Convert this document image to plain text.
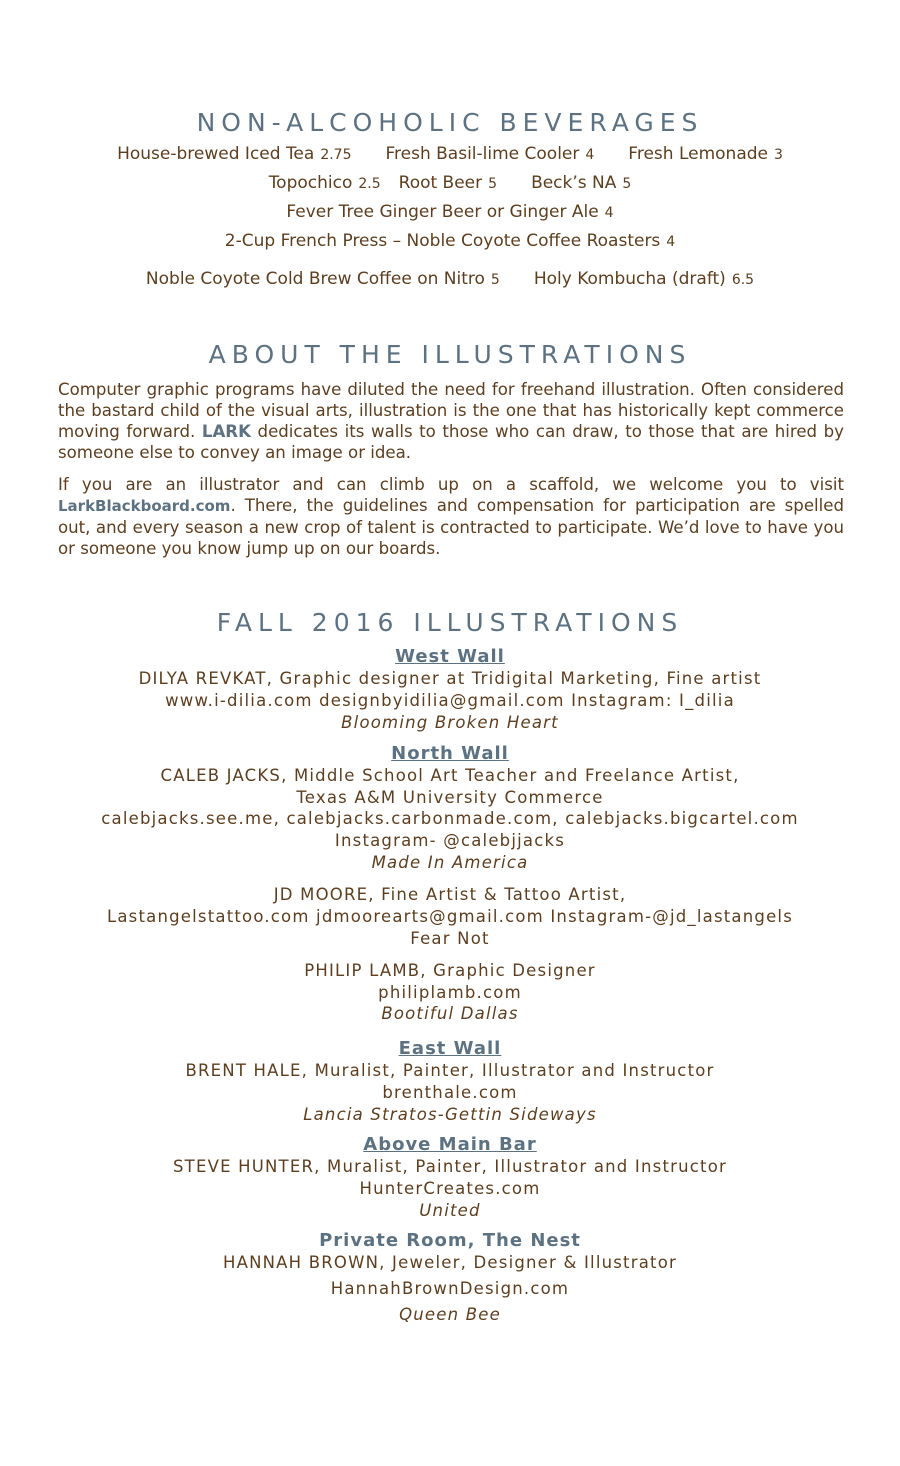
NON-ALCOHOLIC BEVERAGES
House-brewed Iced Tea 2.75 Fresh Basil-lime Cooler 4 Fresh Lemonade 3
Topochico 2.5 Root Beer 5 Beck’s NA 5
Fever Tree Ginger Beer or Ginger Ale 4
2-Cup French Press – Noble Coyote Coffee Roasters 4
Noble Coyote Cold Brew Coffee on Nitro 5 Holy Kombucha (draft) 6.5
ABOUT THE ILLUSTRATIONS

Computer graphic programs have diluted the need for freehand illustration. Often considered the bastard child of the visual arts, illustration is the one that has historically kept commerce moving forward. LARK dedicates its walls to those who can draw, to those that are hired by someone else to convey an image or idea.

If you are an illustrator and can climb up on a scaffold, we welcome you to visit LarkBlackboard.com. There, the guidelines and compensation for participation are spelled out, and every season a new crop of talent is contracted to participate. We’d love to have you or someone you know jump up on our boards.

FALL 2016 ILLUSTRATIONS
West Wall
DILYA REVKAT, Graphic designer at Tridigital Marketing, Fine artist
www.i-dilia.com designbyidilia@gmail.com Instagram: I_dilia
Blooming Broken Heart
North Wall
CALEB JACKS, Middle School Art Teacher and Freelance Artist,
Texas A&M University Commerce
calebjacks.see.me, calebjacks.carbonmade.com, calebjacks.bigcartel.com
Instagram- @calebjjacks
Made In America
JD MOORE, Fine Artist & Tattoo Artist,
Lastangelstattoo.com jdmoorearts@gmail.com Instagram-@jd_lastangels
Fear Not
PHILIP LAMB, Graphic Designer
philiplamb.com
Bootiful Dallas
East Wall
BRENT HALE, Muralist, Painter, Illustrator and Instructor
brenthale.com
Lancia Stratos-Gettin Sideways
Above Main Bar
STEVE HUNTER, Muralist, Painter, Illustrator and Instructor
HunterCreates.com
United
Private Room, The Nest
HANNAH BROWN, Jeweler, Designer & Illustrator
HannahBrownDesign.com
Queen Bee
